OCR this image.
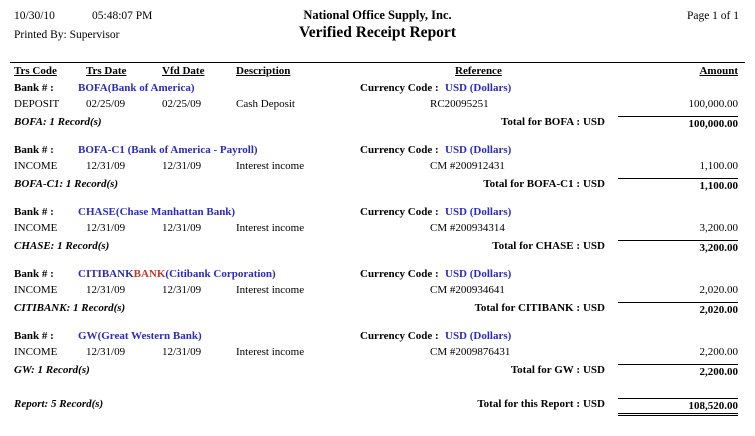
10/30/10	05:48:07 PM	National Office Supply, Inc.	Page 1 of 1
Printed By: Supervisor	Verified Receipt Report
Trs Code	Trs Date	Vfd Date	Description	Reference	Amount
Bank # : BOFA(Bank of America)	Currency Code : USD (Dollars)
DEPOSIT	02/25/09	02/25/09	Cash Deposit	RC20095251	100,000.00
BOFA: 1 Record(s)	Total for BOFA : USD	100,000.00
Bank # : BOFA-C1 (Bank of America - Payroll)	Currency Code : USD (Dollars)
INCOME	12/31/09	12/31/09	Interest income	CM #200912431	1,100.00
BOFA-C1: 1 Record(s)	Total for BOFA-C1 : USD	1,100.00
Bank # : CHASE(Chase Manhattan Bank)	Currency Code : USD (Dollars)
INCOME	12/31/09	12/31/09	Interest income	CM #200934314	3,200.00
CHASE: 1 Record(s)	Total for CHASE : USD	3,200.00
Bank # : CITIBANKBANK(Citibank Corporation)	Currency Code : USD (Dollars)
INCOME	12/31/09	12/31/09	Interest income	CM #200934641	2,020.00
CITIBANK: 1 Record(s)	Total for CITIBANK : USD	2,020.00
Bank # : GW(Great Western Bank)	Currency Code : USD (Dollars)
INCOME	12/31/09	12/31/09	Interest income	CM #2009876431	2,200.00
GW: 1 Record(s)	Total for GW : USD	2,200.00
Report: 5 Record(s)	Total for this Report : USD	108,520.00
